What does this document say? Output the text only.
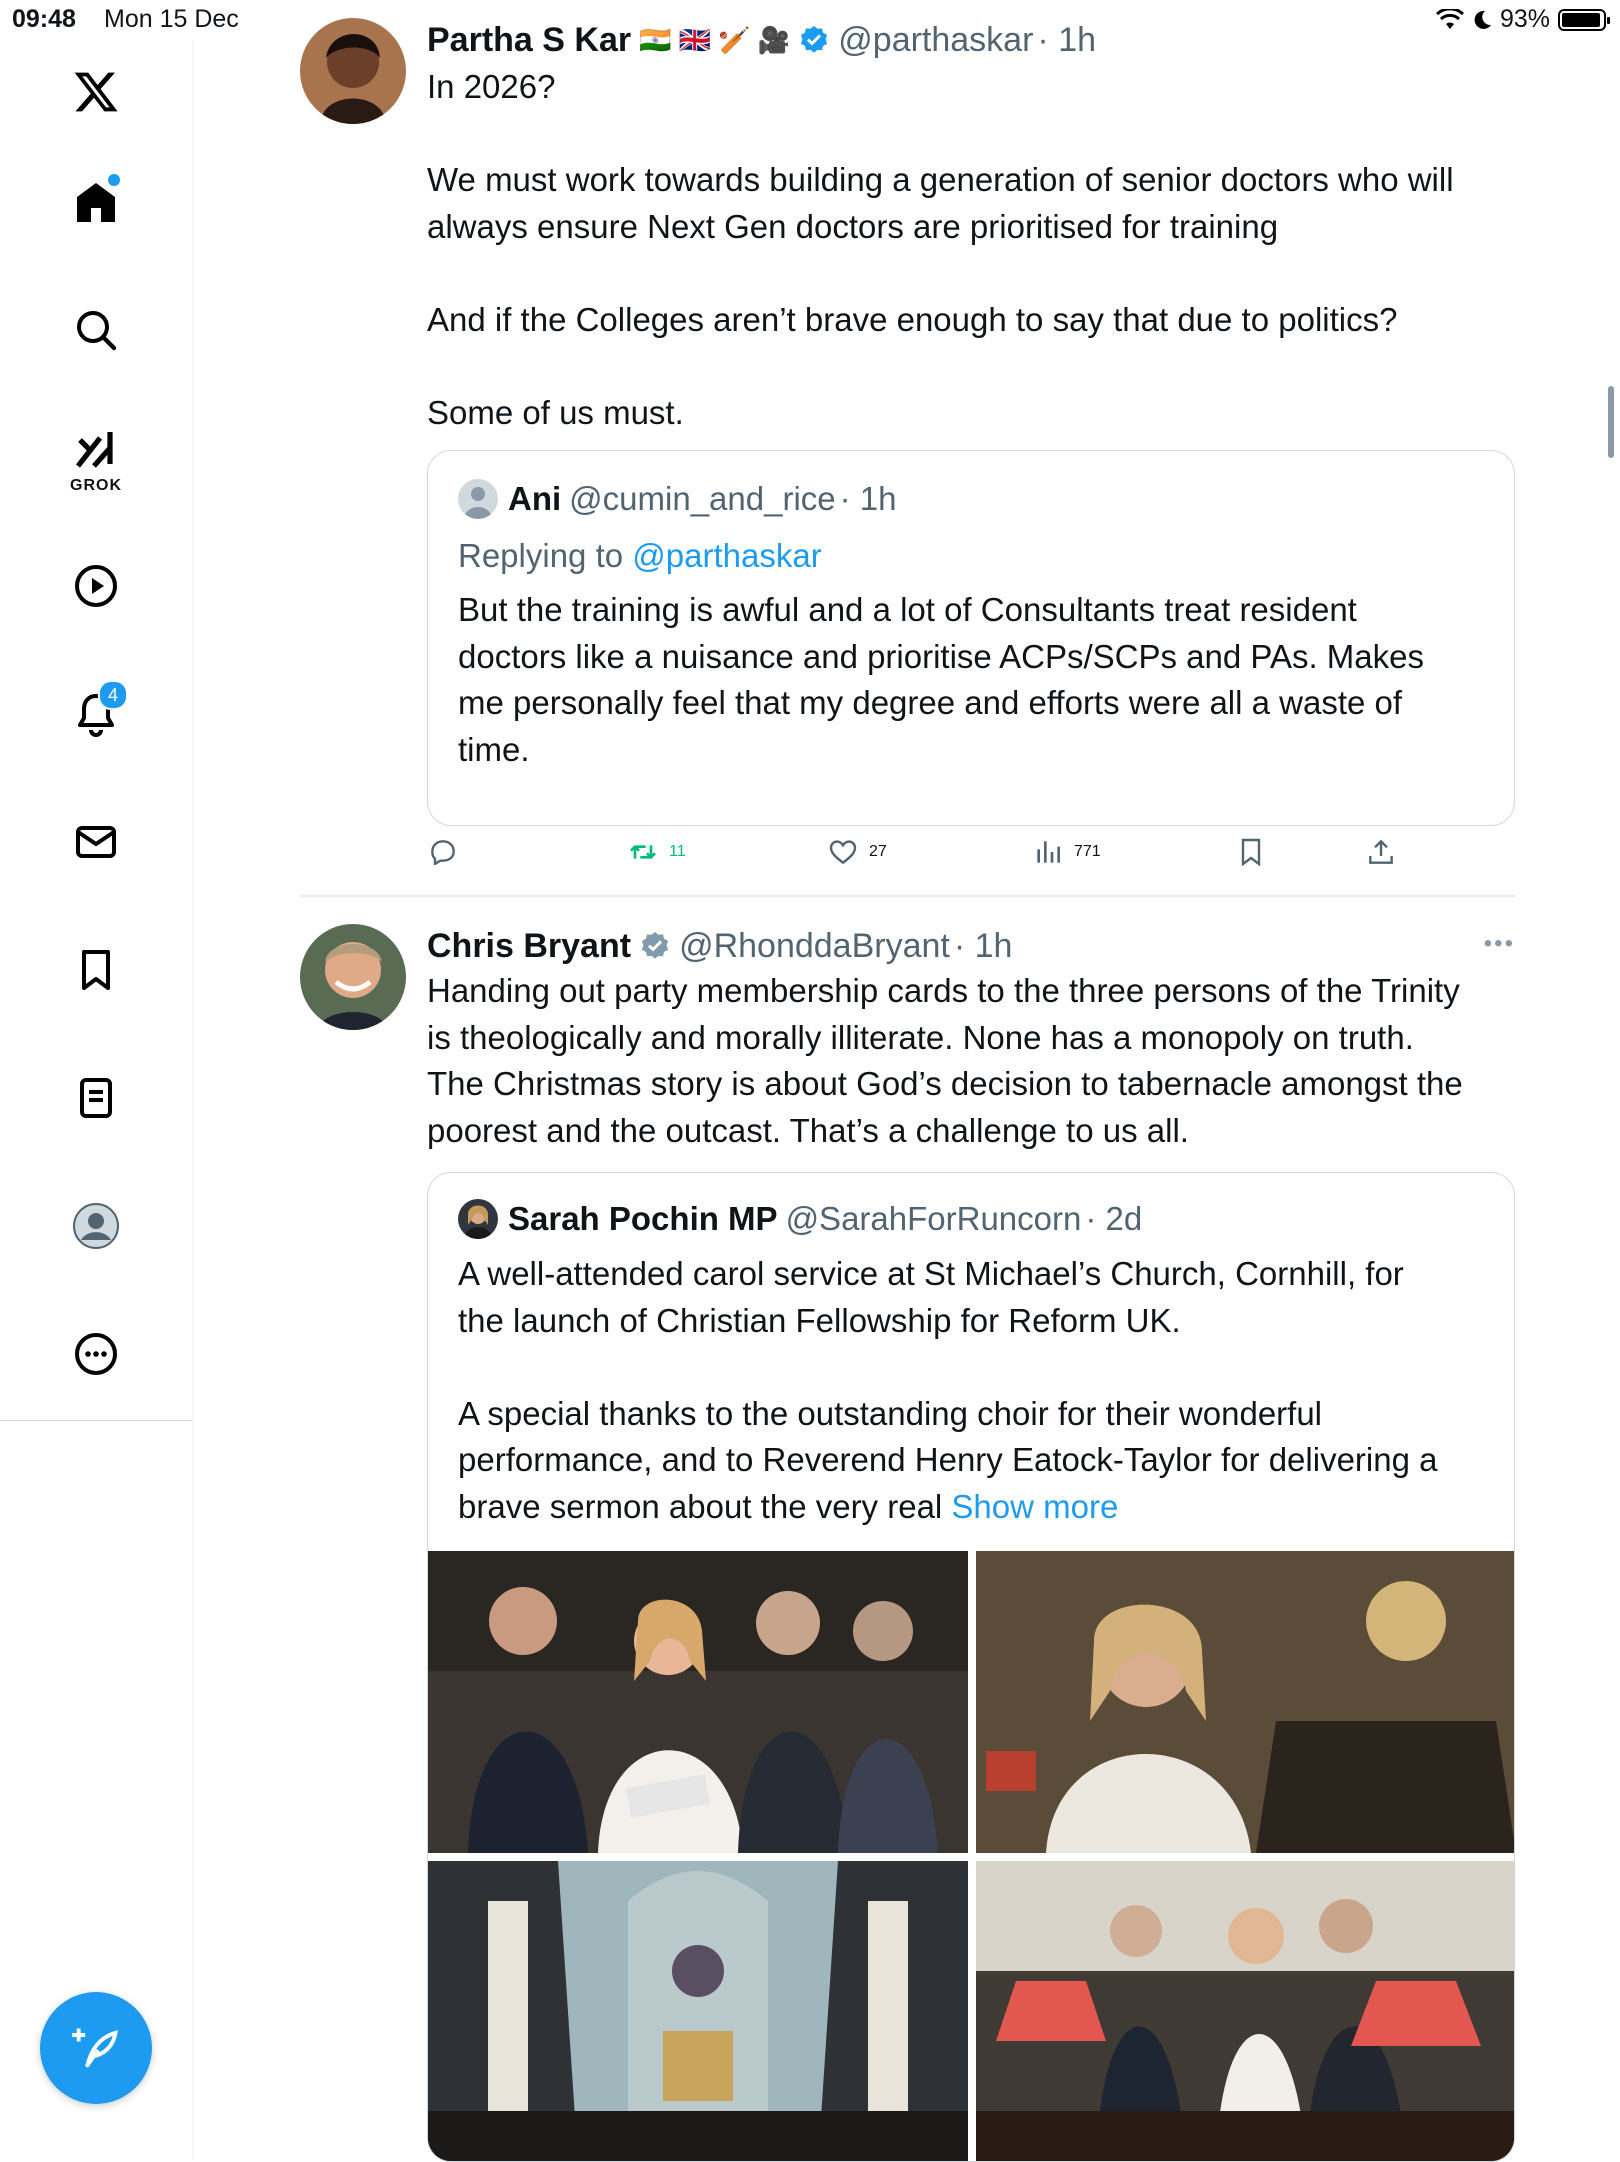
09:48 Mon 15 Dec	93%
GROK
4
Partha S Kar 🇮🇳 🇬🇧 🏏 🎥 @parthaskar · 1h

In 2026?

We must work towards building a generation of senior doctors who will
always ensure Next Gen doctors are prioritised for training

And if the Colleges aren’t brave enough to say that due to politics?

Some of us must.

Ani @cumin_and_rice · 1h
Replying to @parthaskar
But the training is awful and a lot of Consultants treat resident
doctors like a nuisance and prioritise ACPs/SCPs and PAs. Makes
me personally feel that my degree and efforts were all a waste of
time.
11	27	771
Chris Bryant @RhonddaBryant · 1h	•••

Handing out party membership cards to the three persons of the Trinity
is theologically and morally illiterate. None has a monopoly on truth.
The Christmas story is about God’s decision to tabernacle amongst the
poorest and the outcast. That’s a challenge to us all.

Sarah Pochin MP @SarahForRuncorn · 2d
A well-attended carol service at St Michael’s Church, Cornhill, for
the launch of Christian Fellowship for Reform UK.

A special thanks to the outstanding choir for their wonderful
performance, and to Reverend Henry Eatock-Taylor for delivering a
brave sermon about the very real Show more
